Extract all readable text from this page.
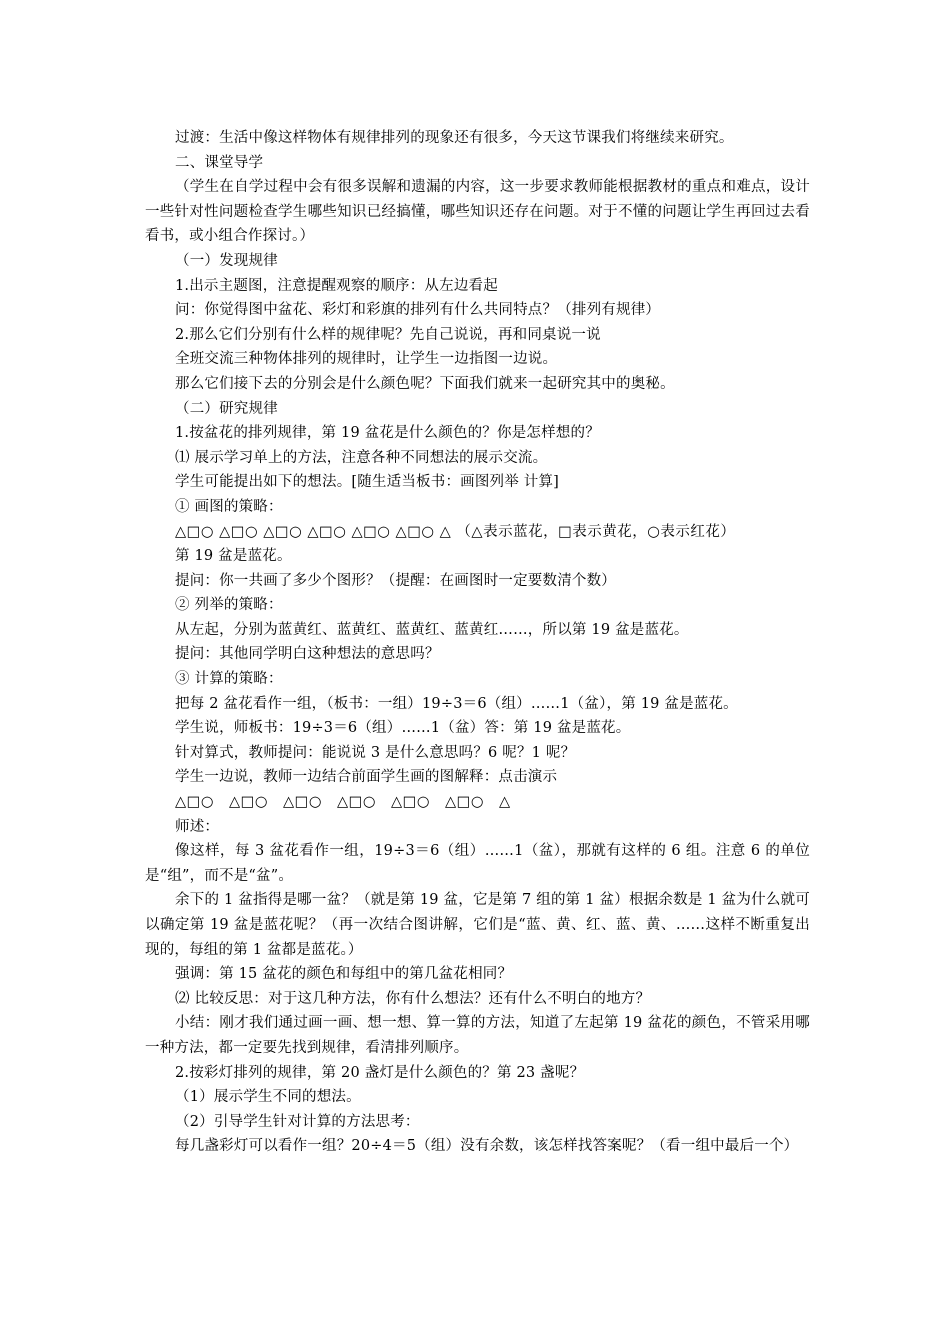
过渡：生活中像这样物体有规律排列的现象还有很多，今天这节课我们将继续来研究。

二、课堂导学

（学生在自学过程中会有很多误解和遗漏的内容，这一步要求教师能根据教材的重点和难点，设计一些针对性问题检查学生哪些知识已经搞懂，哪些知识还存在问题。对于不懂的问题让学生再回过去看看书，或小组合作探讨。）

（一）发现规律

1.出示主题图，注意提醒观察的顺序：从左边看起

问：你觉得图中盆花、彩灯和彩旗的排列有什么共同特点？（排列有规律）

2.那么它们分别有什么样的规律呢？先自己说说，再和同桌说一说

全班交流三种物体排列的规律时，让学生一边指图一边说。

那么它们接下去的分别会是什么颜色呢？下面我们就来一起研究其中的奥秘。

（二）研究规律

1.按盆花的排列规律，第 19 盆花是什么颜色的？你是怎样想的？

⑴ 展示学习单上的方法，注意各种不同想法的展示交流。

学生可能提出如下的想法。[随生适当板书：画图列举 计算]

① 画图的策略：

△□○ △□○ △□○ △□○ △□○ △□○ △ （△表示蓝花，□表示黄花，○表示红花）

第 19 盆是蓝花。

提问：你一共画了多少个图形？（提醒：在画图时一定要数清个数）

② 列举的策略：

从左起，分别为蓝黄红、蓝黄红、蓝黄红、蓝黄红……，所以第 19 盆是蓝花。

提问：其他同学明白这种想法的意思吗？

③ 计算的策略：

把每 2 盆花看作一组，（板书：一组）19÷3＝6（组）……1（盆），第 19 盆是蓝花。

学生说，师板书：19÷3＝6（组）……1（盆）答：第 19 盆是蓝花。

针对算式，教师提问：能说说 3 是什么意思吗？6 呢？1 呢？

学生一边说，教师一边结合前面学生画的图解释：点击演示

△□○　△□○　△□○　△□○　△□○　△□○　△

师述：

像这样，每 3 盆花看作一组，19÷3＝6（组）……1（盆），那就有这样的 6 组。注意 6 的单位是“组”，而不是“盆”。

余下的 1 盆指得是哪一盆？（就是第 19 盆，它是第 7 组的第 1 盆）根据余数是 1 盆为什么就可以确定第 19 盆是蓝花呢？（再一次结合图讲解，它们是“蓝、黄、红、蓝、黄、……这样不断重复出现的，每组的第 1 盆都是蓝花。）

强调：第 15 盆花的颜色和每组中的第几盆花相同？

⑵ 比较反思：对于这几种方法，你有什么想法？还有什么不明白的地方？

小结：刚才我们通过画一画、想一想、算一算的方法，知道了左起第 19 盆花的颜色，不管采用哪一种方法，都一定要先找到规律，看清排列顺序。

2.按彩灯排列的规律，第 20 盏灯是什么颜色的？第 23 盏呢？

（1）展示学生不同的想法。

（2）引导学生针对计算的方法思考：

每几盏彩灯可以看作一组？20÷4＝5（组）没有余数，该怎样找答案呢？（看一组中最后一个）
